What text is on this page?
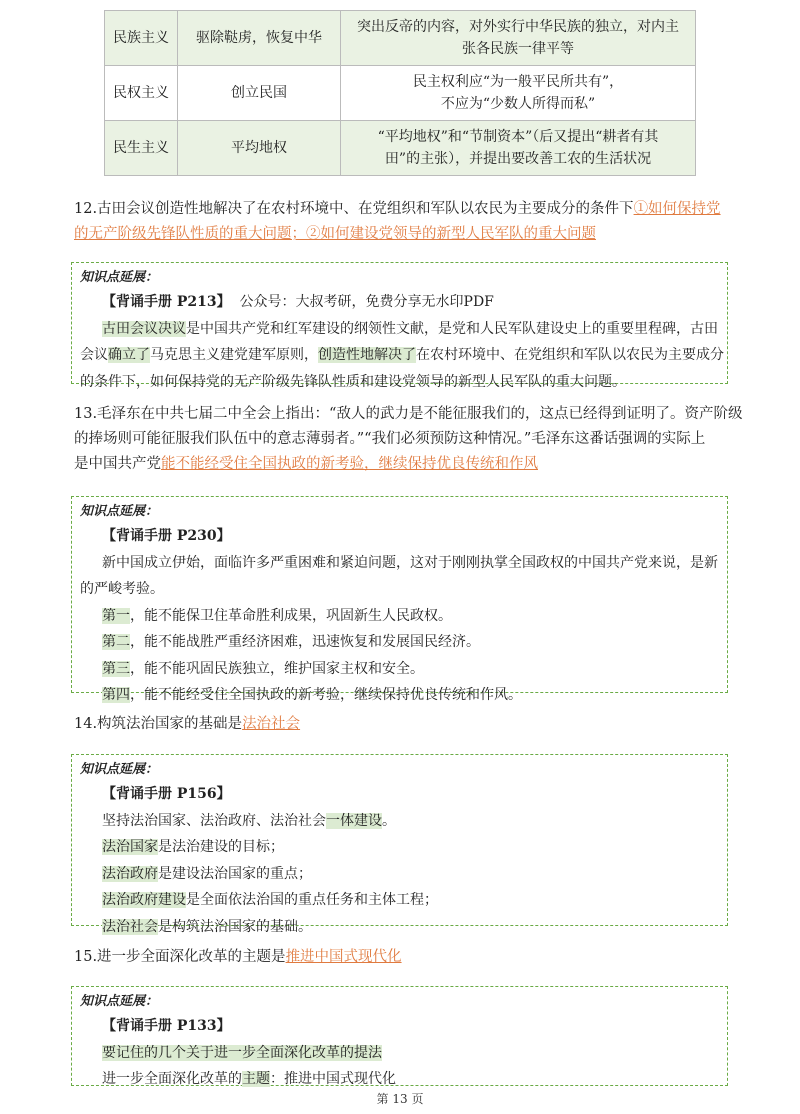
民族主义	驱除鞑虏，恢复中华	突出反帝的内容，对外实行中华民族的独立，对内主
张各民族一律平等
民权主义	创立民国	民主权利应“为一般平民所共有”，
不应为“少数人所得而私”
民生主义	平均地权	“平均地权”和“节制资本”（后又提出“耕者有其
田”的主张），并提出要改善工农的生活状况
12.古田会议创造性地解决了在农村环境中、在党组织和军队以农民为主要成分的条件下①如何保持党的无产阶级先锋队性质的重大问题；②如何建设党领导的新型人民军队的重大问题
知识点延展：
【背诵手册 P213】 公众号：大叔考研，免费分享无水印PDF
古田会议决议是中国共产党和红军建设的纲领性文献，是党和人民军队建设史上的重要里程碑，古田
会议确立了马克思主义建党建军原则，创造性地解决了在农村环境中、在党组织和军队以农民为主要成分
的条件下，如何保持党的无产阶级先锋队性质和建设党领导的新型人民军队的重大问题。
13.毛泽东在中共七届二中全会上指出：“敌人的武力是不能征服我们的，这点已经得到证明了。资产阶级
的捧场则可能征服我们队伍中的意志薄弱者。”“我们必须预防这种情况。”毛泽东这番话强调的实际上
是中国共产党能不能经受住全国执政的新考验，继续保持优良传统和作风
知识点延展：
【背诵手册 P230】
新中国成立伊始，面临许多严重困难和紧迫问题，这对于刚刚执掌全国政权的中国共产党来说，是新
的严峻考验。
第一，能不能保卫住革命胜利成果，巩固新生人民政权。
第二，能不能战胜严重经济困难，迅速恢复和发展国民经济。
第三，能不能巩固民族独立，维护国家主权和安全。
第四，能不能经受住全国执政的新考验，继续保持优良传统和作风。
14.构筑法治国家的基础是法治社会
知识点延展：
【背诵手册 P156】
坚持法治国家、法治政府、法治社会一体建设。
法治国家是法治建设的目标；
法治政府是建设法治国家的重点；
法治政府建设是全面依法治国的重点任务和主体工程；
法治社会是构筑法治国家的基础。
15.进一步全面深化改革的主题是推进中国式现代化
知识点延展：
【背诵手册 P133】
要记住的几个关于进一步全面深化改革的提法
进一步全面深化改革的主题：推进中国式现代化
第 13 页
